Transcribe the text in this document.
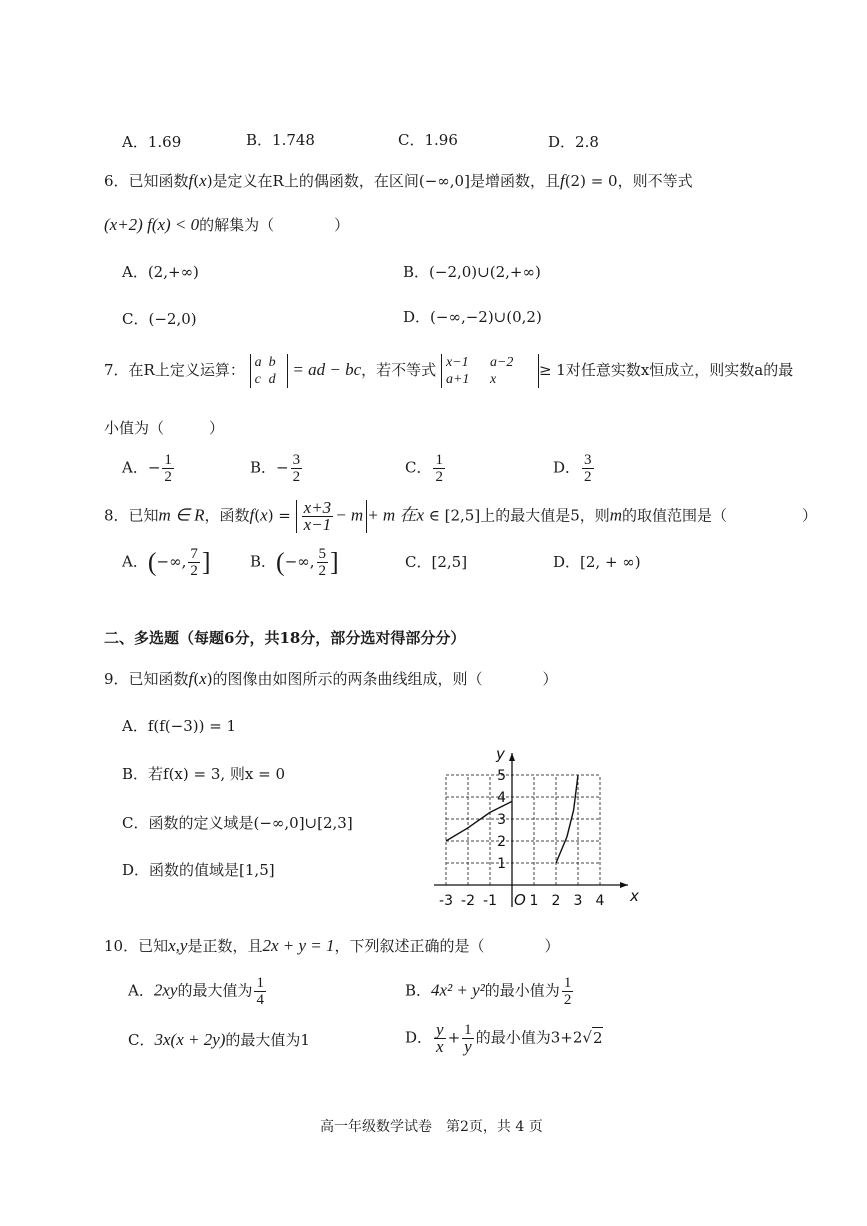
A．1.69	B．1.748	C．1.96	D．2.8
6．已知函数f(x)是定义在R上的偶函数，在区间(−∞,0]是增函数，且f(2) = 0，则不等式
(x+2) f(x) < 0的解集为（　　　　）
A．(2,+∞)	B．(−2,0)∪(2,+∞)
C．(−2,0)	D．(−∞,−2)∪(0,2)
7．在R上定义运算： a b
c d
= ad − bc，若不等式 x−1 a−2
a+1 x
≥ 1对任意实数x恒成立，则实数a的最
小值为（　　　）
A．− $\frac{1}{2}$	B．− $\frac{3}{2}$	C． $\frac{1}{2}$	D． $\frac{3}{2}$
8．已知m ∈ R，函数$f(x) = \frac{x+3}{x-1} - m + m$ 在x ∈ [2,5]上的最大值是5，则m的取值范围是（　　　　　）
A．(−∞, $\frac{7}{2}$ ]	B．(−∞, $\frac{5}{2}$ ]	C．[2,5]	D．[2, + ∞)
二、多选题（每题6分，共18分，部分选对得部分分）
9．已知函数f(x)的图像由如图所示的两条曲线组成，则（　　　　）
A．f(f(−3)) = 1
B．若f(x) = 3, 则x = 0
C．函数的定义域是(−∞,0]∪[2,3]
D．函数的值域是[1,5]
-3 -2 -1 1 2 3 4
1
2
3
4
5
O	x
y
10．已知x,y是正数，且2x + y = 1，下列叙述正确的是（　　　　）
A．2xy的最大值为 $\frac{1}{4}$	B．4x² + y²的最小值为 $\frac{1}{2}$
C．3x(x + 2y)的最大值为1	D． $\frac{y}{x} + \frac{1}{y}$ 的最小值为3+2√2
高一年级数学试卷　第2页，共 4 页
